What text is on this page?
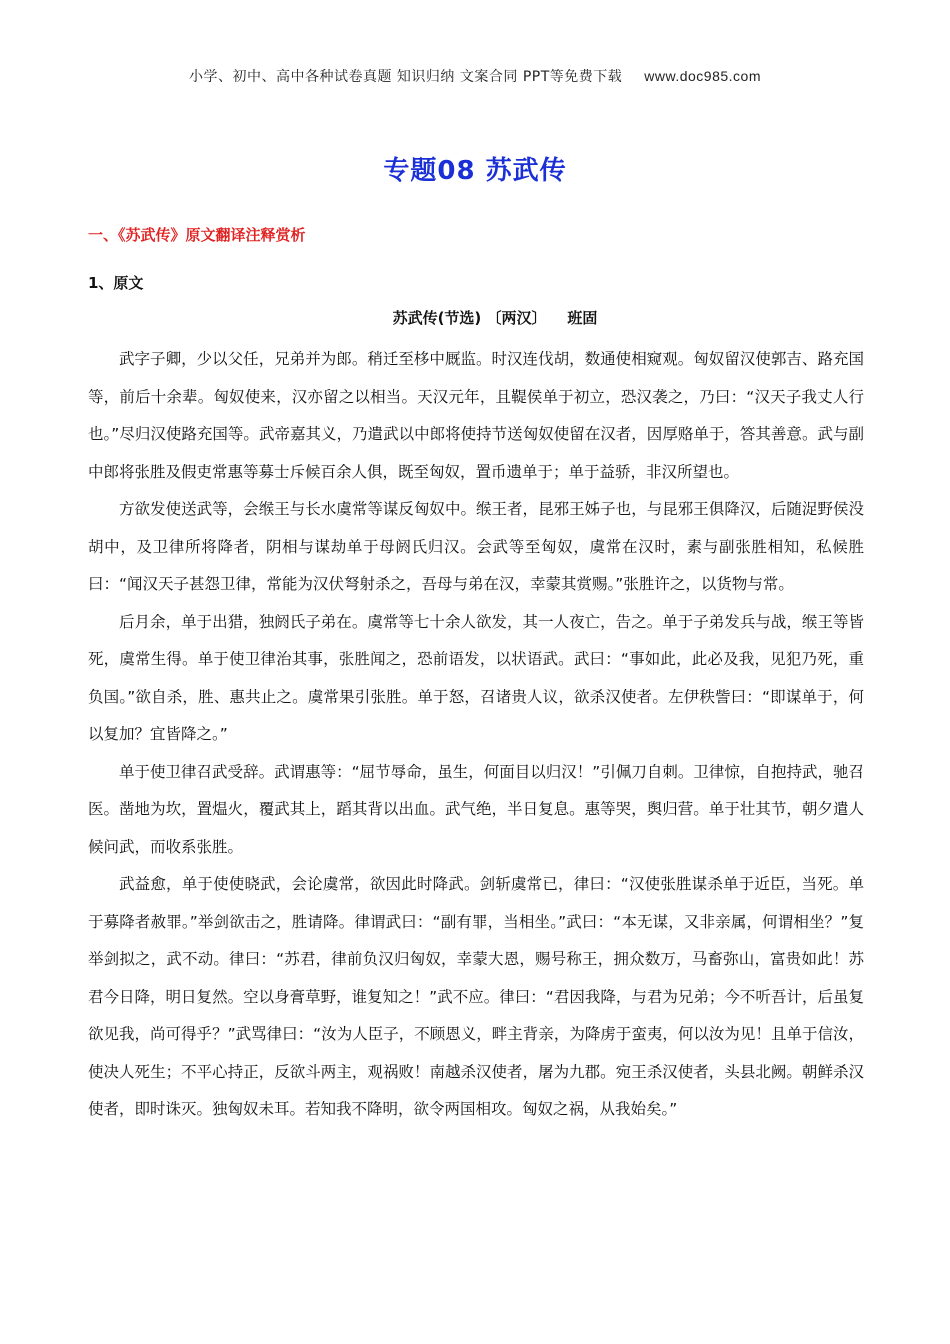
小学、初中、高中各种试卷真题 知识归纳 文案合同 PPT等免费下载 www.doc985.com
专题08 苏武传
一、《苏武传》原文翻译注释赏析
1、原文
苏武传(节选) 〔两汉〕    班固

武字子卿，少以父任，兄弟并为郎。稍迁至栘中厩监。时汉连伐胡，数通使相窥观。匈奴留汉使郭吉、路充国等，前后十余辈。匈奴使来，汉亦留之以相当。天汉元年，且鞮侯单于初立，恐汉袭之，乃曰：“汉天子我丈人行也。”尽归汉使路充国等。武帝嘉其义，乃遣武以中郎将使持节送匈奴使留在汉者，因厚赂单于，答其善意。武与副中郎将张胜及假吏常惠等募士斥候百余人俱，既至匈奴，置币遗单于；单于益骄，非汉所望也。

方欲发使送武等，会缑王与长水虞常等谋反匈奴中。缑王者，昆邪王姊子也，与昆邪王俱降汉，后随浞野侯没胡中，及卫律所将降者，阴相与谋劫单于母阏氏归汉。会武等至匈奴，虞常在汉时，素与副张胜相知，私候胜曰：“闻汉天子甚怨卫律，常能为汉伏弩射杀之，吾母与弟在汉，幸蒙其赏赐。”张胜许之，以货物与常。

后月余，单于出猎，独阏氏子弟在。虞常等七十余人欲发，其一人夜亡，告之。单于子弟发兵与战，缑王等皆死，虞常生得。单于使卫律治其事，张胜闻之，恐前语发，以状语武。武曰：“事如此，此必及我，见犯乃死，重负国。”欲自杀，胜、惠共止之。虞常果引张胜。单于怒，召诸贵人议，欲杀汉使者。左伊秩訾曰：“即谋单于，何以复加？宜皆降之。”

单于使卫律召武受辞。武谓惠等：“屈节辱命，虽生，何面目以归汉！”引佩刀自刺。卫律惊，自抱持武，驰召医。凿地为坎，置煴火，覆武其上，蹈其背以出血。武气绝，半日复息。惠等哭，舆归营。单于壮其节，朝夕遣人候问武，而收系张胜。

武益愈，单于使使晓武，会论虞常，欲因此时降武。剑斩虞常已，律曰：“汉使张胜谋杀单于近臣，当死。单于募降者赦罪。”举剑欲击之，胜请降。律谓武曰：“副有罪，当相坐。”武曰：“本无谋，又非亲属，何谓相坐？”复举剑拟之，武不动。律曰：“苏君，律前负汉归匈奴，幸蒙大恩，赐号称王，拥众数万，马畜弥山，富贵如此！苏君今日降，明日复然。空以身膏草野，谁复知之！”武不应。律曰：“君因我降，与君为兄弟；今不听吾计，后虽复欲见我，尚可得乎？”武骂律曰：“汝为人臣子，不顾恩义，畔主背亲，为降虏于蛮夷，何以汝为见！且单于信汝，使决人死生；不平心持正，反欲斗两主，观祸败！南越杀汉使者，屠为九郡。宛王杀汉使者，头县北阙。朝鲜杀汉使者，即时诛灭。独匈奴未耳。若知我不降明，欲令两国相攻。匈奴之祸，从我始矣。”
